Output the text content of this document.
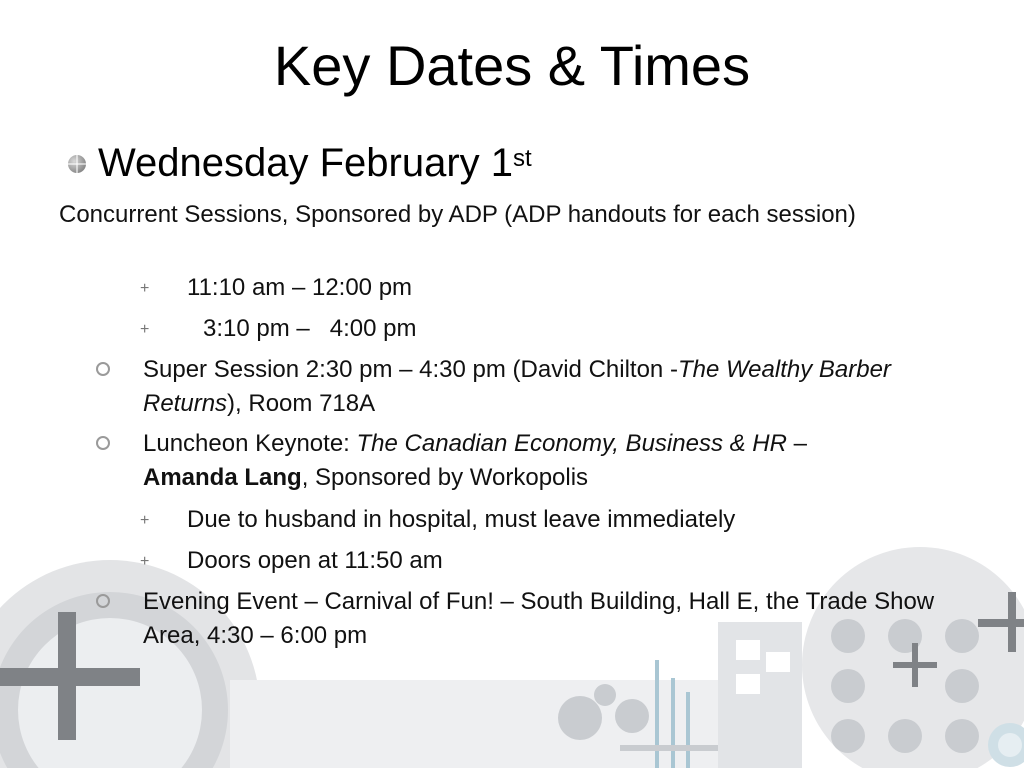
Key Dates & Times
Wednesday February 1st
Concurrent Sessions, Sponsored by ADP (ADP handouts for each session)
+ 11:10 am – 12:00 pm
+	3:10 pm –   4:00 pm
Super Session 2:30 pm – 4:30 pm (David Chilton -The Wealthy Barber Returns), Room 718A
Luncheon Keynote: The Canadian Economy, Business & HR –
Amanda Lang, Sponsored by Workopolis
+ Due to husband in hospital, must leave immediately
+ Doors open at 11:50 am
Evening Event – Carnival of Fun! – South Building, Hall E, the Trade Show Area, 4:30 – 6:00 pm
